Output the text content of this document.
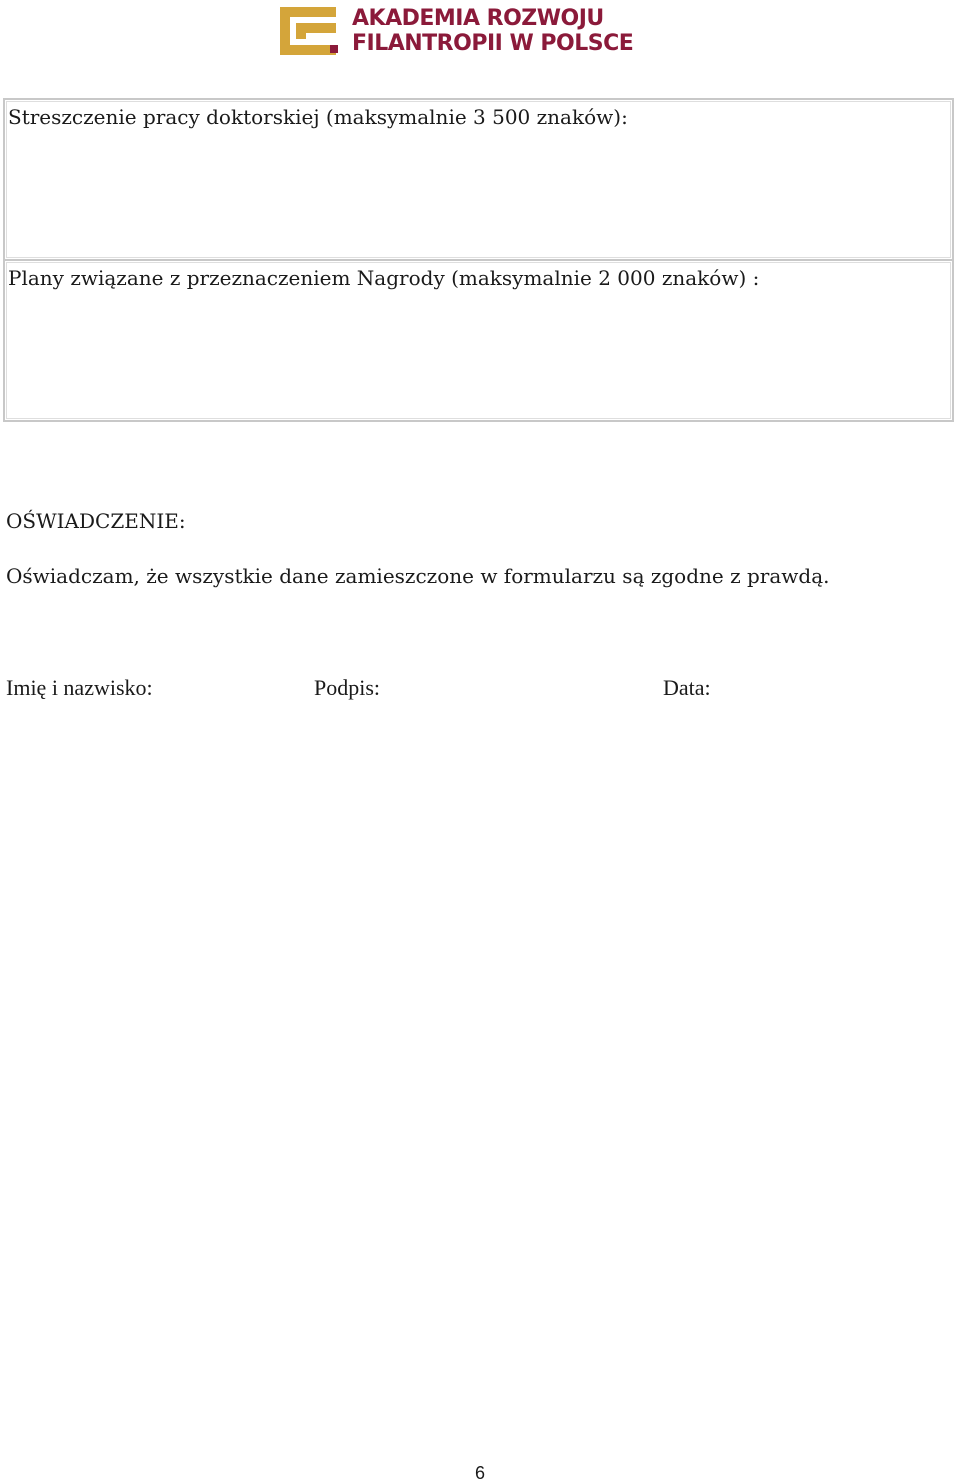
AKADEMIA ROZWOJU
FILANTROPII W POLSCE
Streszczenie pracy doktorskiej (maksymalnie 3 500 znaków):
Plany związane z przeznaczeniem Nagrody (maksymalnie 2 000 znaków) :
OŚWIADCZENIE:
Oświadczam, że wszystkie dane zamieszczone w formularzu są zgodne z prawdą.
Imię i nazwisko:	Podpis:	Data:
6
